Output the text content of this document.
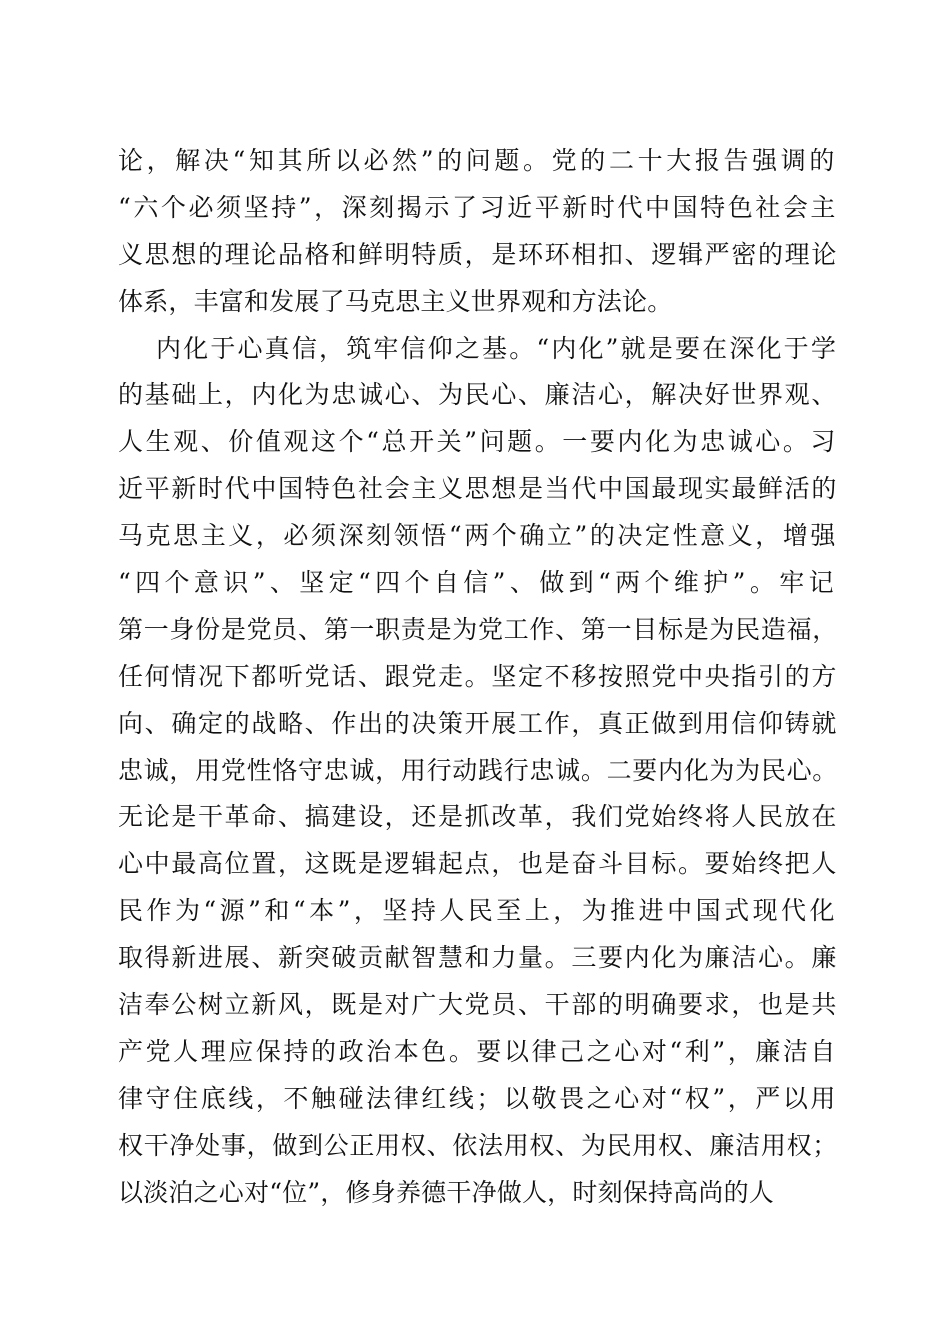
论，解决“知其所以必然”的问题。党的二十大报告强调的
“六个必须坚持”，深刻揭示了习近平新时代中国特色社会主
义思想的理论品格和鲜明特质，是环环相扣、逻辑严密的理论
体系，丰富和发展了马克思主义世界观和方法论。
内化于心真信，筑牢信仰之基。“内化”就是要在深化于学
的基础上，内化为忠诚心、为民心、廉洁心，解决好世界观、
人生观、价值观这个“总开关”问题。一要内化为忠诚心。习
近平新时代中国特色社会主义思想是当代中国最现实最鲜活的
马克思主义，必须深刻领悟“两个确立”的决定性意义，增强
“四个意识”、坚定“四个自信”、做到“两个维护”。牢记
第一身份是党员、第一职责是为党工作、第一目标是为民造福，
任何情况下都听党话、跟党走。坚定不移按照党中央指引的方
向、确定的战略、作出的决策开展工作，真正做到用信仰铸就
忠诚，用党性恪守忠诚，用行动践行忠诚。二要内化为为民心。
无论是干革命、搞建设，还是抓改革，我们党始终将人民放在
心中最高位置，这既是逻辑起点，也是奋斗目标。要始终把人
民作为“源”和“本”，坚持人民至上，为推进中国式现代化
取得新进展、新突破贡献智慧和力量。三要内化为廉洁心。廉
洁奉公树立新风，既是对广大党员、干部的明确要求，也是共
产党人理应保持的政治本色。要以律己之心对“利”，廉洁自
律守住底线，不触碰法律红线；以敬畏之心对“权”，严以用
权干净处事，做到公正用权、依法用权、为民用权、廉洁用权；
以淡泊之心对“位”，修身养德干净做人，时刻保持高尚的人
